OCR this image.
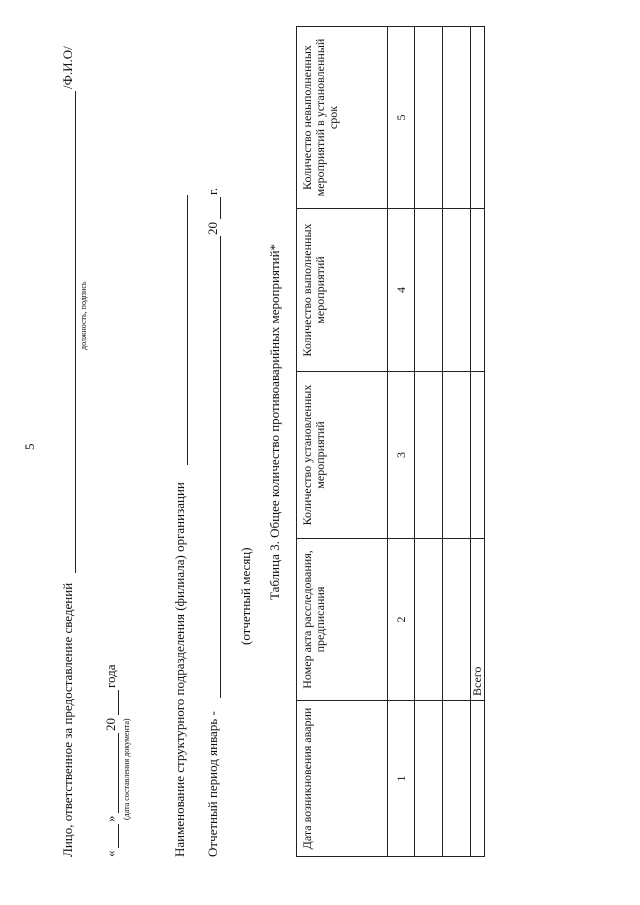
5
Лицо, ответственное за предоставление сведений
/Ф.И.О/
должность, подпись
«
»
20
года
(дата составления документа)	Наименование структурного подразделения (филиала) организации Отчетный период январь -
20
г.
(отчетный месяц) Таблица 3. Общее количество противоаварийных мероприятий*
Дата возникновения аварии	Номер акта расследования, предписания	Количество установленных мероприятий	Количество выполненных мероприятий	Количество невыполненных мероприятий в установленный срок
1	2	3	4	5

	Всего			
